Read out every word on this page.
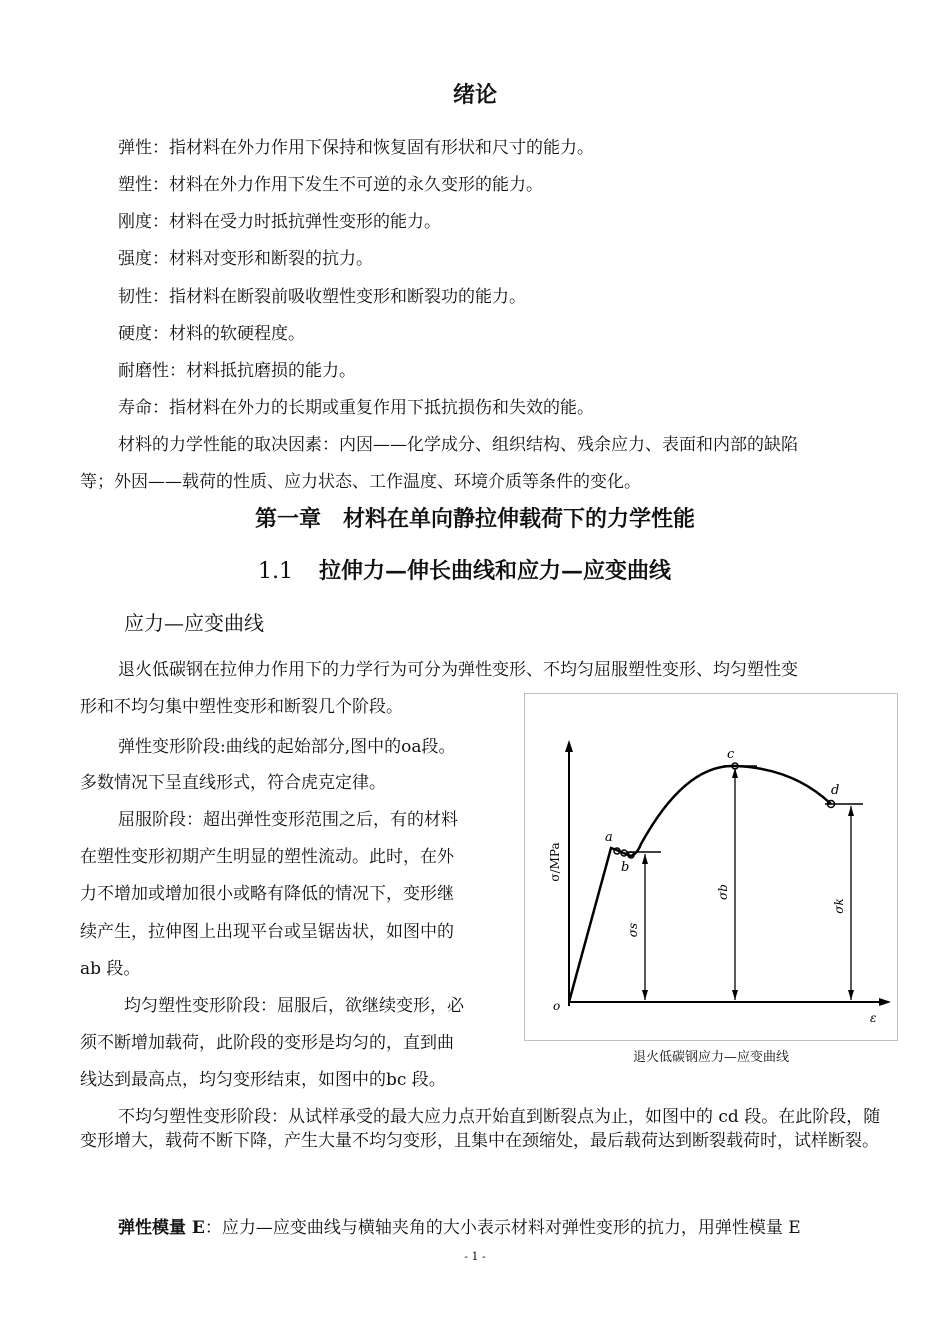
绪论
弹性：指材料在外力作用下保持和恢复固有形状和尺寸的能力。
塑性：材料在外力作用下发生不可逆的永久变形的能力。
刚度：材料在受力时抵抗弹性变形的能力。
强度：材料对变形和断裂的抗力。
韧性：指材料在断裂前吸收塑性变形和断裂功的能力。
硬度：材料的软硬程度。
耐磨性：材料抵抗磨损的能力。
寿命：指材料在外力的长期或重复作用下抵抗损伤和失效的能。
材料的力学性能的取决因素：内因——化学成分、组织结构、残余应力、表面和内部的缺陷
等；外因——载荷的性质、应力状态、工作温度、环境介质等条件的变化。
第一章　材料在单向静拉伸载荷下的力学性能
1.1 拉伸力—伸长曲线和应力—应变曲线
应力—应变曲线
退火低碳钢在拉伸力作用下的力学行为可分为弹性变形、不均匀屈服塑性变形、均匀塑性变
形和不均匀集中塑性变形和断裂几个阶段。
弹性变形阶段:曲线的起始部分,图中的oa段。
多数情况下呈直线形式，符合虎克定律。
屈服阶段：超出弹性变形范围之后，有的材料
在塑性变形初期产生明显的塑性流动。此时，在外
力不增加或增加很小或略有降低的情况下，变形继
续产生，拉伸图上出现平台或呈锯齿状，如图中的
ab 段。
均匀塑性变形阶段：屈服后，欲继续变形，必
须不断增加载荷，此阶段的变形是均匀的，直到曲
线达到最高点，均匀变形结束，如图中的bc 段。
σ/MPa
ε
o
a
b
c
d
σs
σb
σk
退火低碳钢应力—应变曲线
不均匀塑性变形阶段：从试样承受的最大应力点开始直到断裂点为止，如图中的 cd 段。在此阶段，随变形增大，载荷不断下降，产生大量不均匀变形，且集中在颈缩处，最后载荷达到断裂载荷时，试样断裂。
弹性模量 E：应力—应变曲线与横轴夹角的大小表示材料对弹性变形的抗力，用弹性模量 E
- 1 -
